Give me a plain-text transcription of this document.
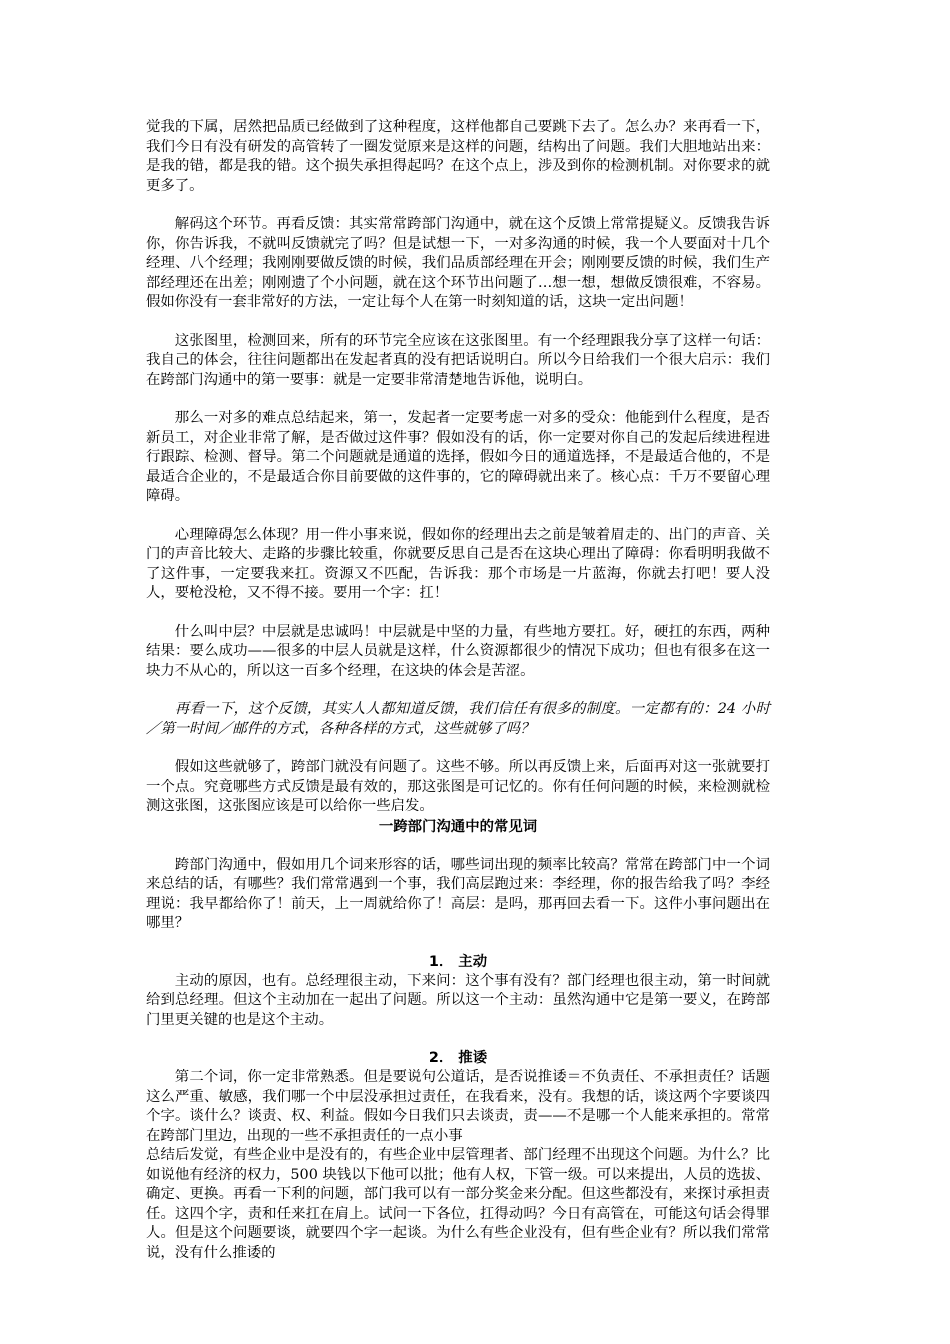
觉我的下属，居然把品质已经做到了这种程度，这样他都自己要跳下去了。怎么办？来再看一下，我们今日有没有研发的高管转了一圈发觉原来是这样的问题，结构出了问题。我们大胆地站出来：是我的错，都是我的错。这个损失承担得起吗？在这个点上，涉及到你的检测机制。对你要求的就更多了。

解码这个环节。再看反馈：其实常常跨部门沟通中，就在这个反馈上常常提疑义。反馈我告诉你，你告诉我，不就叫反馈就完了吗？但是试想一下，一对多沟通的时候，我一个人要面对十几个经理、八个经理；我刚刚要做反馈的时候，我们品质部经理在开会；刚刚要反馈的时候，我们生产部经理还在出差；刚刚遗了个小问题，就在这个环节出问题了…想一想，想做反馈很难，不容易。假如你没有一套非常好的方法，一定让每个人在第一时刻知道的话，这块一定出问题！

这张图里，检测回来，所有的环节完全应该在这张图里。有一个经理跟我分享了这样一句话：我自己的体会，往往问题都出在发起者真的没有把话说明白。所以今日给我们一个很大启示：我们在跨部门沟通中的第一要事：就是一定要非常清楚地告诉他，说明白。

那么一对多的难点总结起来，第一，发起者一定要考虑一对多的受众：他能到什么程度，是否新员工，对企业非常了解，是否做过这件事？假如没有的话，你一定要对你自己的发起后续进程进行跟踪、检测、督导。第二个问题就是通道的选择，假如今日的通道选择，不是最适合他的，不是最适合企业的，不是最适合你目前要做的这件事的，它的障碍就出来了。核心点：千万不要留心理障碍。

心理障碍怎么体现？用一件小事来说，假如你的经理出去之前是皱着眉走的、出门的声音、关门的声音比较大、走路的步骤比较重，你就要反思自己是否在这块心理出了障碍：你看明明我做不了这件事，一定要我来扛。资源又不匹配，告诉我：那个市场是一片蓝海，你就去打吧！要人没人，要枪没枪，又不得不接。要用一个字：扛！

什么叫中层？中层就是忠诚吗！中层就是中坚的力量，有些地方要扛。好，硬扛的东西，两种结果：要么成功——很多的中层人员就是这样，什么资源都很少的情况下成功；但也有很多在这一块力不从心的，所以这一百多个经理，在这块的体会是苦涩。

再看一下，这个反馈，其实人人都知道反馈，我们信任有很多的制度。一定都有的：24 小时／第一时间／邮件的方式，各种各样的方式，这些就够了吗？

假如这些就够了，跨部门就没有问题了。这些不够。所以再反馈上来，后面再对这一张就要打一个点。究竟哪些方式反馈是最有效的，那这张图是可记忆的。你有任何问题的时候，来检测就检测这张图，这张图应该是可以给你一些启发。

一跨部门沟通中的常见词

跨部门沟通中，假如用几个词来形容的话，哪些词出现的频率比较高？常常在跨部门中一个词来总结的话，有哪些？我们常常遇到一个事，我们高层跑过来：李经理，你的报告给我了吗？李经理说：我早都给你了！前天，上一周就给你了！高层：是吗，那再回去看一下。这件小事问题出在哪里？

1． 主动

主动的原因，也有。总经理很主动，下来问：这个事有没有？部门经理也很主动，第一时间就给到总经理。但这个主动加在一起出了问题。所以这一个主动：虽然沟通中它是第一要义，在跨部门里更关键的也是这个主动。

2． 推诿

第二个词，你一定非常熟悉。但是要说句公道话，是否说推诿＝不负责任、不承担责任？话题这么严重、敏感，我们哪一个中层没承担过责任，在我看来，没有。我想的话，谈这两个字要谈四个字。谈什么？谈责、权、利益。假如今日我们只去谈责，责——不是哪一个人能来承担的。常常在跨部门里边，出现的一些不承担责任的一点小事

总结后发觉，有些企业中是没有的，有些企业中层管理者、部门经理不出现这个问题。为什么？比如说他有经济的权力，500 块钱以下他可以批；他有人权，下管一级。可以来提出，人员的选拔、确定、更换。再看一下利的问题，部门我可以有一部分奖金来分配。但这些都没有，来探讨承担责任。这四个字，责和任来扛在肩上。试问一下各位，扛得动吗？今日有高管在，可能这句话会得罪人。但是这个问题要谈，就要四个字一起谈。为什么有些企业没有，但有些企业有？所以我们常常说，没有什么推诿的
